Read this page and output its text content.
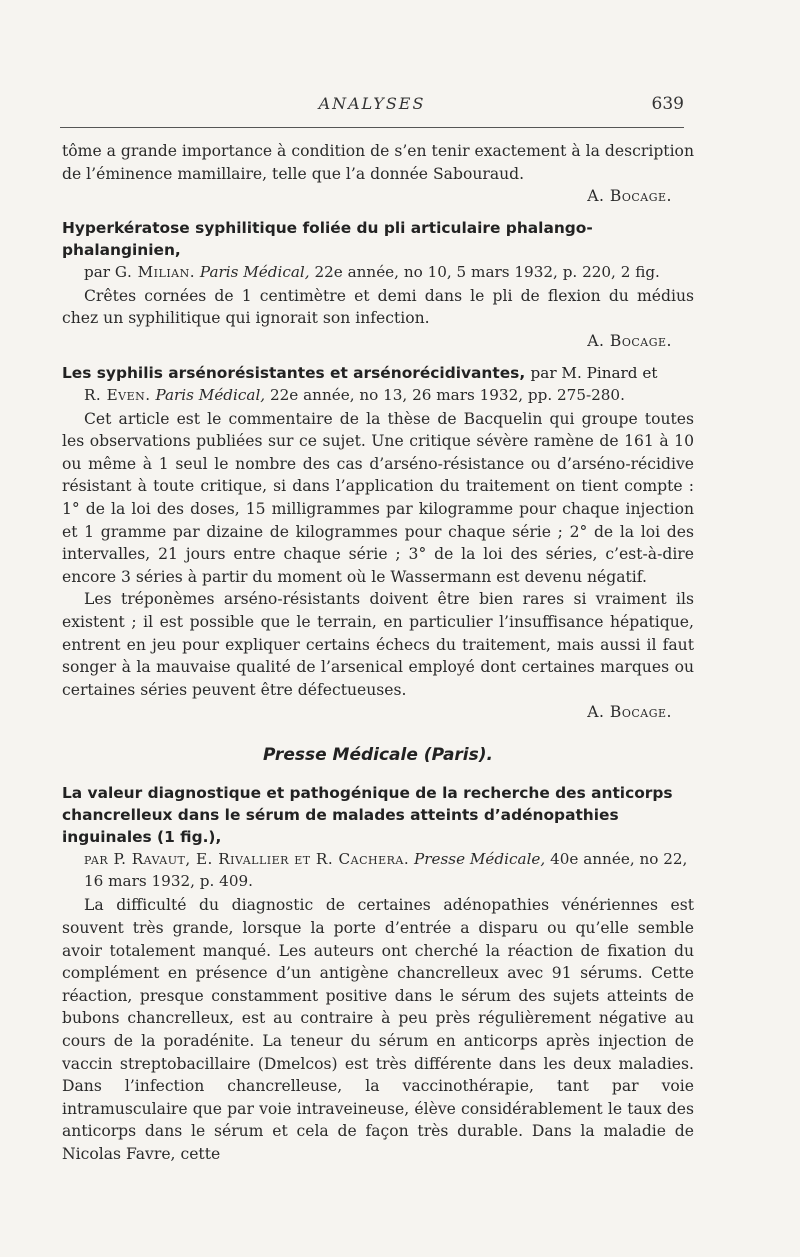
ANALYSES	639

tôme a grande importance à condition de s’en tenir exactement à la description de l’éminence mamillaire, telle que l’a donnée Sabouraud.

A. Bocage.

Hyperkératose syphilitique foliée du pli articulaire phalango-phalanginien,
par G. Milian. Paris Médical, 22e année, no 10, 5 mars 1932, p. 220, 2 fig.

Crêtes cornées de 1 centimètre et demi dans le pli de flexion du médius chez un syphilitique qui ignorait son infection.

A. Bocage.

Les syphilis arsénorésistantes et arsénorécidivantes, par M. Pinard et
R. Even. Paris Médical, 22e année, no 13, 26 mars 1932, pp. 275-280.

Cet article est le commentaire de la thèse de Bacquelin qui groupe toutes les observations publiées sur ce sujet. Une critique sévère ramène de 161 à 10 ou même à 1 seul le nombre des cas d’arséno-résistance ou d’arséno-récidive résistant à toute critique, si dans l’application du traitement on tient compte : 1° de la loi des doses, 15 milligrammes par kilogramme pour chaque injection et 1 gramme par dizaine de kilogrammes pour chaque série ; 2° de la loi des intervalles, 21 jours entre chaque série ; 3° de la loi des séries, c’est-à-dire encore 3 séries à partir du moment où le Wassermann est devenu négatif.

Les tréponèmes arséno-résistants doivent être bien rares si vraiment ils existent ; il est possible que le terrain, en particulier l’insuffisance hépatique, entrent en jeu pour expliquer certains échecs du traitement, mais aussi il faut songer à la mauvaise qualité de l’arsenical employé dont certaines marques ou certaines séries peuvent être défectueuses.

A. Bocage.

Presse Médicale (Paris).
La valeur diagnostique et pathogénique de la recherche des anticorps chancrelleux dans le sérum de malades atteints d’adénopathies inguinales (1 fig.),
par P. Ravaut, E. Rivallier et R. Cachera. Presse Médicale, 40e année, no 22, 16 mars 1932, p. 409.

La difficulté du diagnostic de certaines adénopathies vénériennes est souvent très grande, lorsque la porte d’entrée a disparu ou qu’elle semble avoir totalement manqué. Les auteurs ont cherché la réaction de fixation du complément en présence d’un antigène chancrelleux avec 91 sérums. Cette réaction, presque constamment positive dans le sérum des sujets atteints de bubons chancrelleux, est au contraire à peu près régulièrement négative au cours de la poradénite. La teneur du sérum en anticorps après injection de vaccin streptobacillaire (Dmelcos) est très différente dans les deux maladies. Dans l’infection chancrelleuse, la vaccinothérapie, tant par voie intramusculaire que par voie intraveineuse, élève considérablement le taux des anticorps dans le sérum et cela de façon très durable. Dans la maladie de Nicolas Favre, cette
